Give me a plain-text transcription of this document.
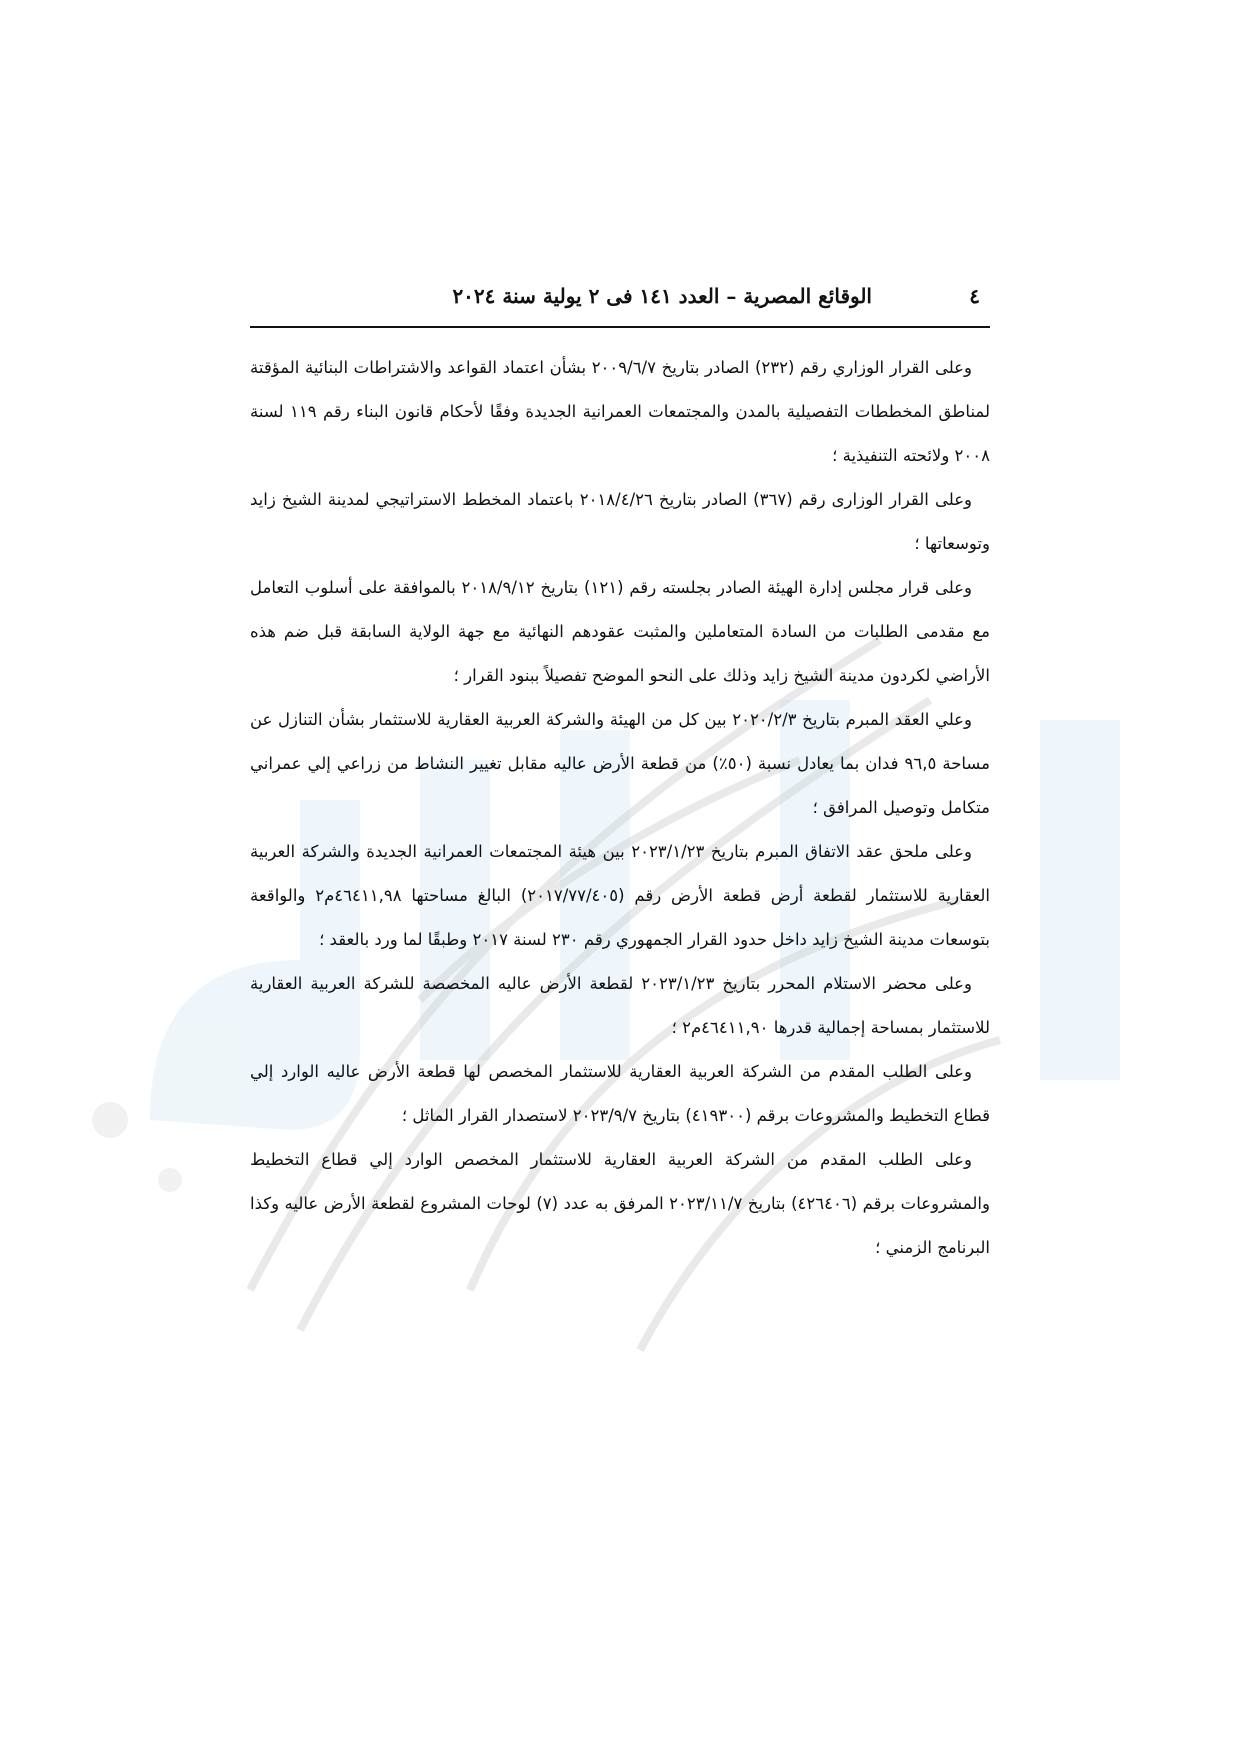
٤
الوقائع المصرية – العدد ١٤١ فى ٢ يولية سنة ٢٠٢٤

وعلى القرار الوزاري رقم (٢٣٢) الصادر بتاريخ ٢٠٠٩/٦/٧ بشأن اعتماد القواعد والاشتراطات البنائية المؤقتة لمناطق المخططات التفصيلية بالمدن والمجتمعات العمرانية الجديدة وفقًا لأحكام قانون البناء رقم ١١٩ لسنة ٢٠٠٨ ولائحته التنفيذية ؛

وعلى القرار الوزارى رقم (٣٦٧) الصادر بتاريخ ٢٠١٨/٤/٢٦ باعتماد المخطط الاستراتيجي لمدينة الشيخ زايد وتوسعاتها ؛

وعلى قرار مجلس إدارة الهيئة الصادر بجلسته رقم (١٢١) بتاريخ ٢٠١٨/٩/١٢ بالموافقة على أسلوب التعامل مع مقدمى الطلبات من السادة المتعاملين والمثبت عقودهم النهائية مع جهة الولاية السابقة قبل ضم هذه الأراضي لكردون مدينة الشيخ زايد وذلك على النحو الموضح تفصيلاً ببنود القرار ؛

وعلي العقد المبرم بتاريخ ٢٠٢٠/٢/٣ بين كل من الهيئة والشركة العربية العقارية للاستثمار بشأن التنازل عن مساحة ٩٦,٥ فدان بما يعادل نسبة (٥٠٪) من قطعة الأرض عاليه مقابل تغيير النشاط من زراعي إلي عمراني متكامل وتوصيل المرافق ؛

وعلى ملحق عقد الاتفاق المبرم بتاريخ ٢٠٢٣/١/٢٣ بين هيئة المجتمعات العمرانية الجديدة والشركة العربية العقارية للاستثمار لقطعة أرض قطعة الأرض رقم (٢٠١٧/٧٧/٤٠٥) البالغ مساحتها ٤٦٤١١,٩٨م٢ والواقعة بتوسعات مدينة الشيخ زايد داخل حدود القرار الجمهوري رقم ٢٣٠ لسنة ٢٠١٧ وطبقًا لما ورد بالعقد ؛

وعلى محضر الاستلام المحرر بتاريخ ٢٠٢٣/١/٢٣ لقطعة الأرض عاليه المخصصة للشركة العربية العقارية للاستثمار بمساحة إجمالية قدرها ٤٦٤١١,٩٠م٢ ؛

وعلى الطلب المقدم من الشركة العربية العقارية للاستثمار المخصص لها قطعة الأرض عاليه الوارد إلي قطاع التخطيط والمشروعات برقم (٤١٩٣٠٠) بتاريخ ٢٠٢٣/٩/٧ لاستصدار القرار الماثل ؛

وعلى الطلب المقدم من الشركة العربية العقارية للاستثمار المخصص الوارد إلي قطاع التخطيط والمشروعات برقم (٤٢٦٤٠٦) بتاريخ ٢٠٢٣/١١/٧ المرفق به عدد (٧) لوحات المشروع لقطعة الأرض عاليه وكذا البرنامج الزمني ؛
